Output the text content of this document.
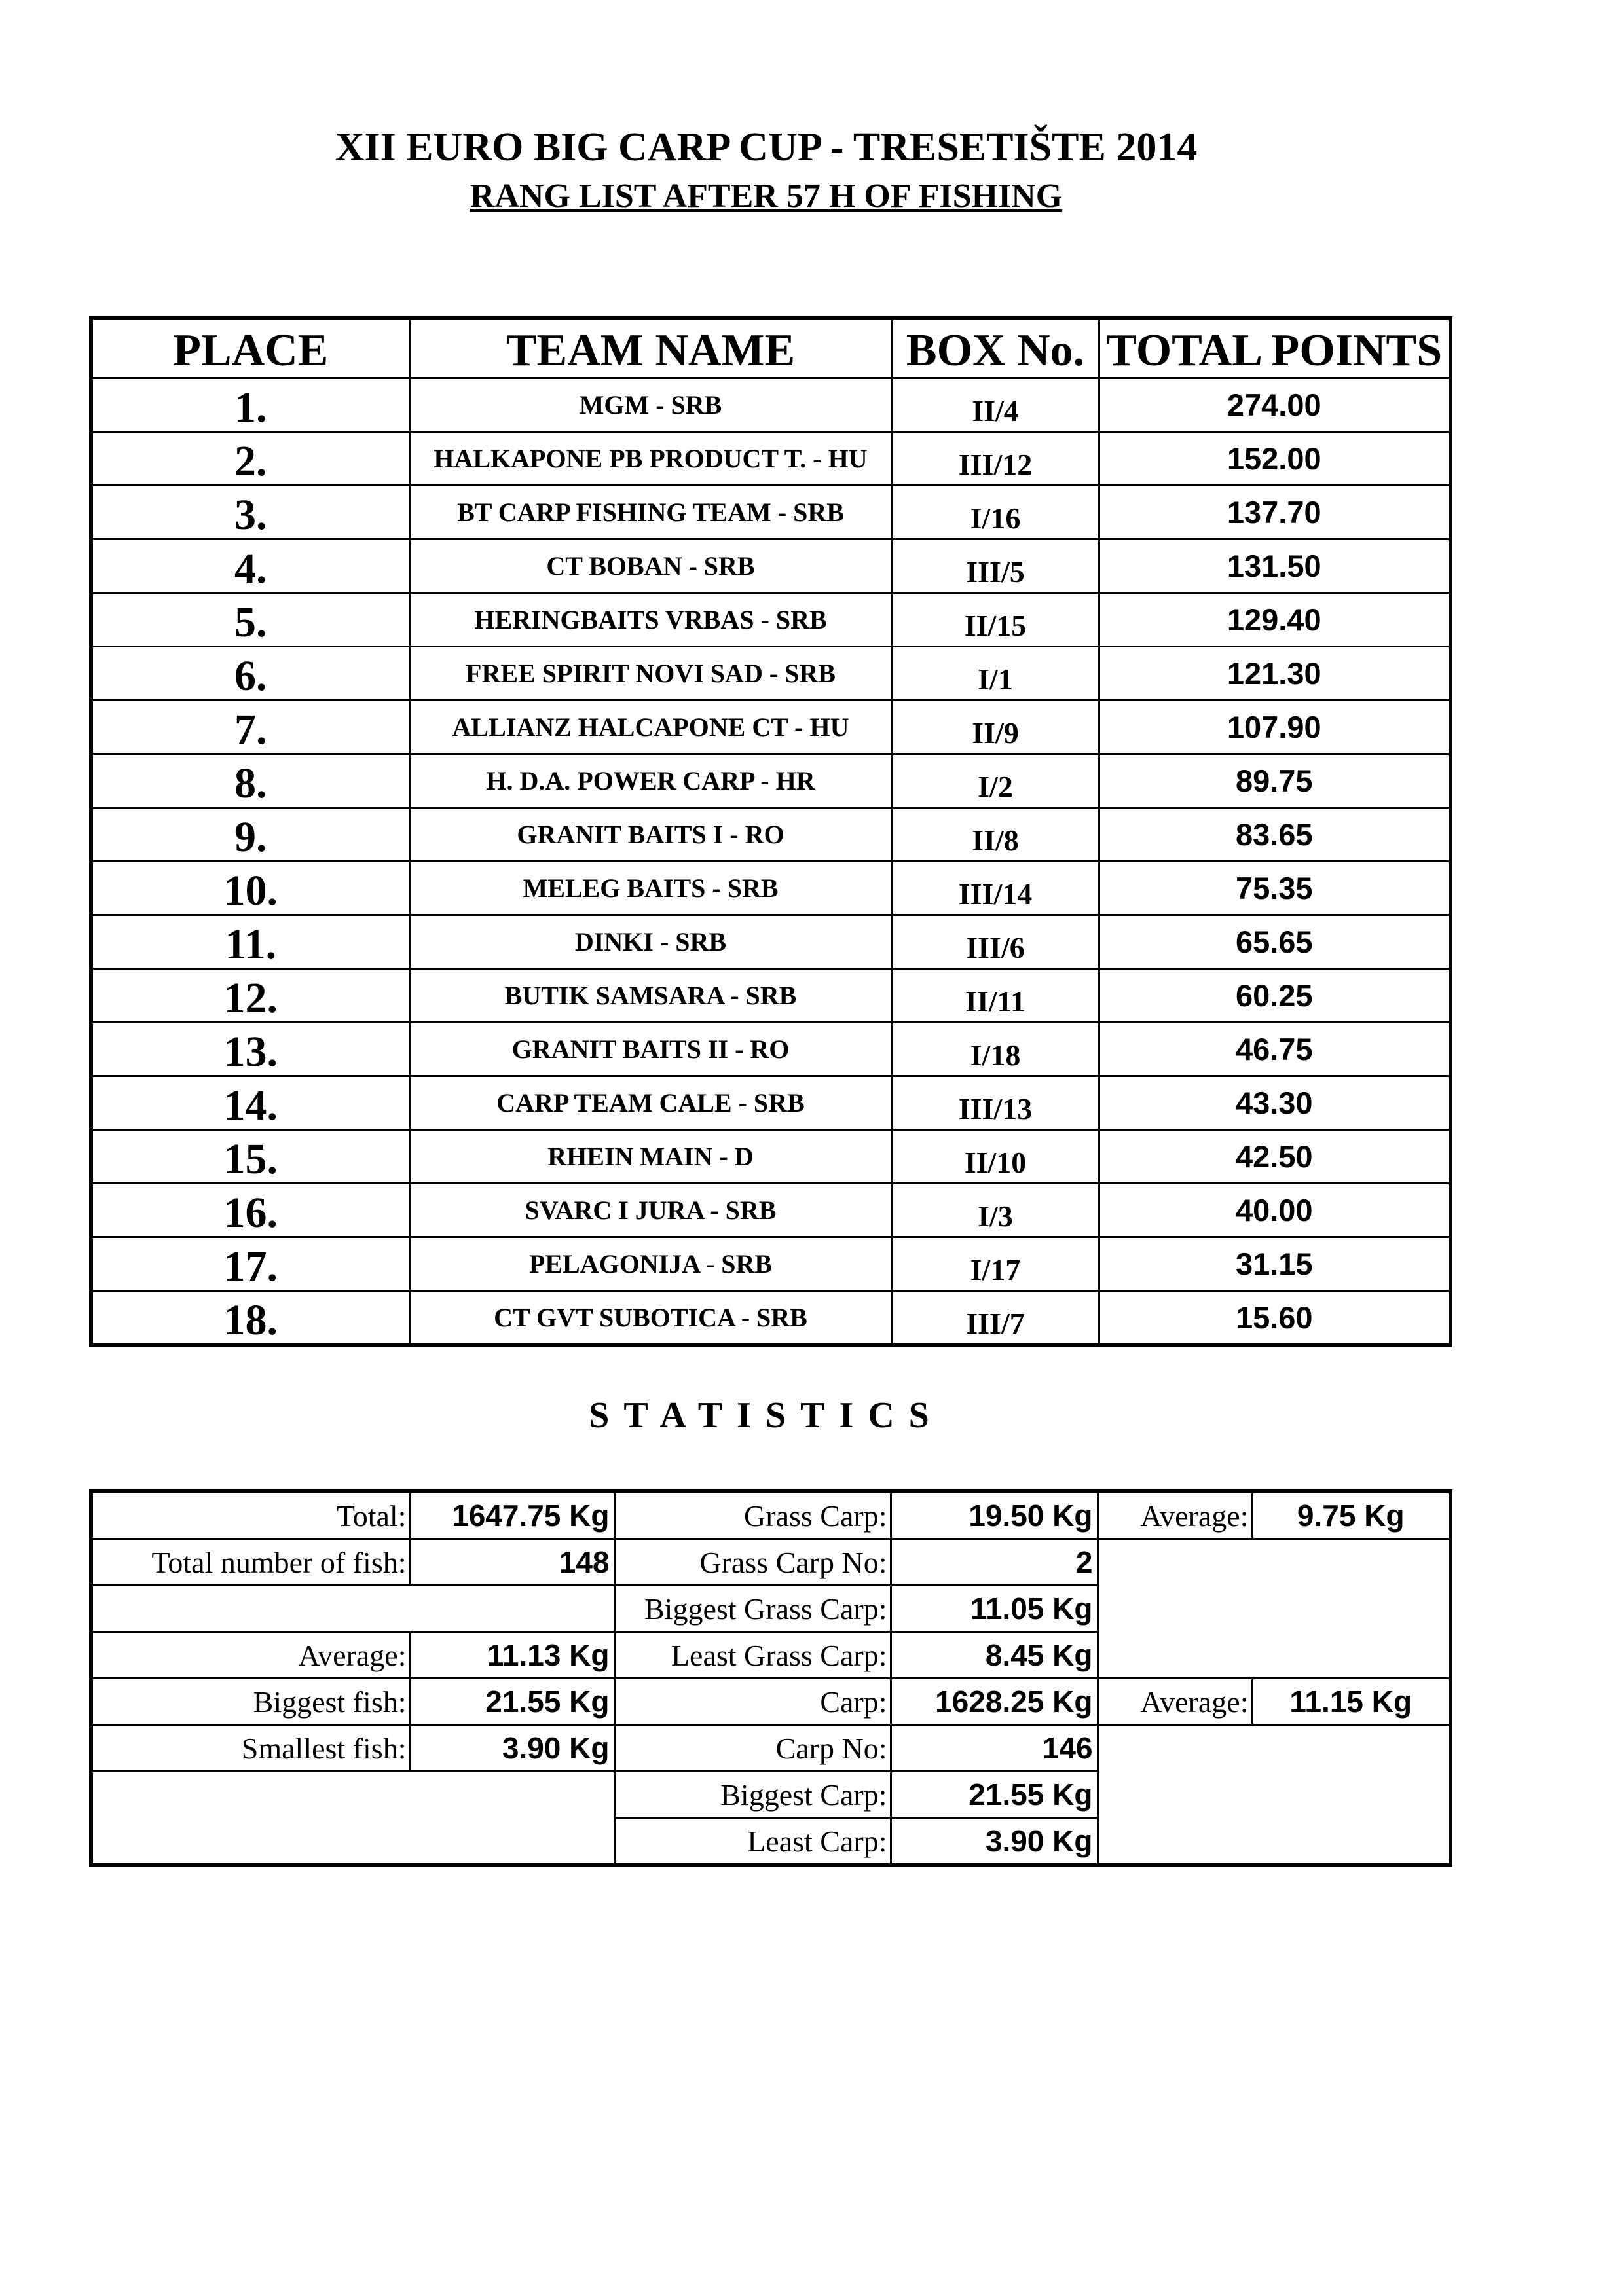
XII EURO BIG CARP CUP - TRESETIŠTE 2014
RANG LIST AFTER 57 H OF FISHING
PLACE	TEAM NAME	BOX No.	TOTAL POINTS
1.	MGM - SRB	II/4	274.00
2.	HALKAPONE PB PRODUCT T. - HU	III/12	152.00
3.	BT CARP FISHING TEAM - SRB	I/16	137.70
4.	CT BOBAN - SRB	III/5	131.50
5.	HERINGBAITS VRBAS - SRB	II/15	129.40
6.	FREE SPIRIT NOVI SAD - SRB	I/1	121.30
7.	ALLIANZ HALCAPONE CT - HU	II/9	107.90
8.	H. D.A. POWER CARP - HR	I/2	89.75
9.	GRANIT BAITS I - RO	II/8	83.65
10.	MELEG BAITS - SRB	III/14	75.35
11.	DINKI - SRB	III/6	65.65
12.	BUTIK SAMSARA - SRB	II/11	60.25
13.	GRANIT BAITS II - RO	I/18	46.75
14.	CARP TEAM CALE - SRB	III/13	43.30
15.	RHEIN MAIN - D	II/10	42.50
16.	SVARC I JURA - SRB	I/3	40.00
17.	PELAGONIJA - SRB	I/17	31.15
18.	CT GVT SUBOTICA - SRB	III/7	15.60
STATISTICS
Total:	1647.75 Kg	Grass Carp:	19.50 Kg	Average:	9.75 Kg
Total number of fish:	148	Grass Carp No:	2		
		Biggest Grass Carp:	11.05 Kg		
Average:	11.13 Kg	Least Grass Carp:	8.45 Kg		
Biggest fish:	21.55 Kg	Carp:	1628.25 Kg	Average:	11.15 Kg
Smallest fish:	3.90 Kg	Carp No:	146		
		Biggest Carp:	21.55 Kg		
		Least Carp:	3.90 Kg		
